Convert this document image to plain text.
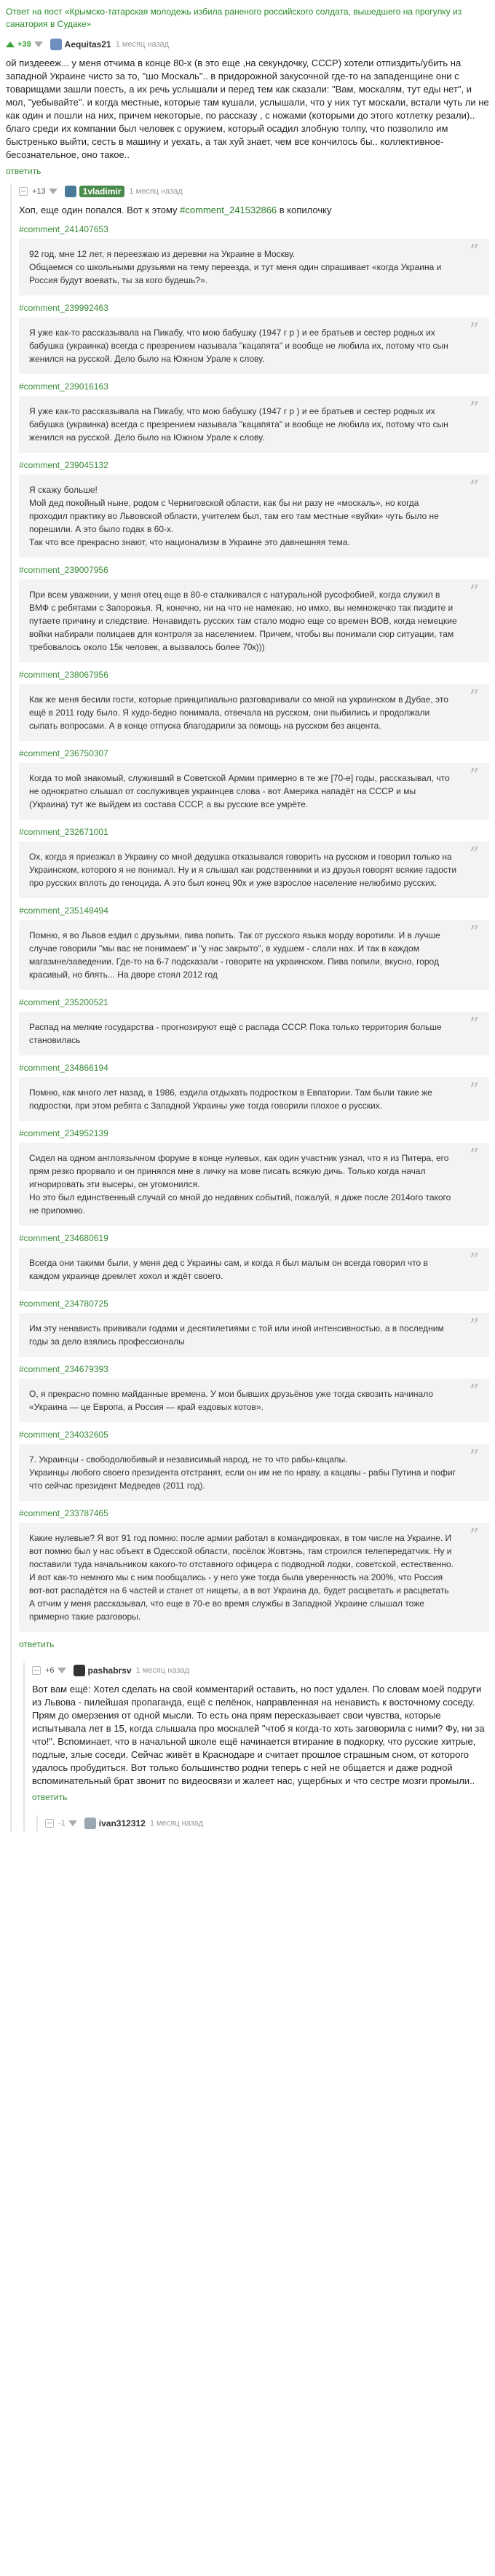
Ответ на пост «Крымско-татарская молодежь избила раненого российского солдата, вышедшего на прогулку из санатория в Судаке»
+39	Aequitas21 1 месяц назад
ой пиздеееж... у меня отчима в конце 80-х (в это еще ,на секундочку, СССР) хотели отпиздить/убить на западной Украине чисто за то, "шо Москаль".. в придорожной закусочной где-то на западенщине они с товарищами зашли поесть, а их речь услышали и перед тем как сказали: "Вам, москалям, тут еды нет", и мол, "уебывайте". и когда местные, которые там кушали, услышали, что у них тут москали, встали чуть ли не как один и пошли на них, причем некоторые, по рассказу , с ножами (которыми до этого котлетку резали).. благо среди их компании был человек с оружием, который осадил злобную толпу, что позволило им быстренько выйти, сесть в машину и уехать, а так хуй знает, чем все кончилось бы.. коллективное-бесознательное, оно такое..
ответить
+13	1vladimir	1 месяц назад
Хоп, еще один попался. Вот к этому #comment_241532866 в копилочку
#comment_241407653
”
92 год, мне 12 лет, я переезжаю из деревни на Украине в Москву.
Общаемся со школьными друзьями на тему переезда, и тут меня один спрашивает «когда Украина и Россия будут воевать, ты за кого будешь?».
#comment_239992463
”
Я уже как-то рассказывала на Пикабу, что мою бабушку (1947 г р ) и ее братьев и сестер родных их бабушка (украинка) всегда с презрением называла "кацапята" и вообще не любила их, потому что сын женился на русской. Дело было на Южном Урале к слову.
#comment_239016163
”
Я уже как-то рассказывала на Пикабу, что мою бабушку (1947 г р ) и ее братьев и сестер родных их бабушка (украинка) всегда с презрением называла "кацапята" и вообще не любила их, потому что сын женился на русской. Дело было на Южном Урале к слову.
#comment_239045132
”
Я скажу больше!
Мой дед покойный ныне, родом с Черниговской области, как бы ни разу не «москаль», но когда проходил практику во Львовской области, учителем был, там его там местные «вуйки» чуть было не порешили. А это было годах в 60-х.
Так что все прекрасно знают, что национализм в Украине это давнешняя тема.
#comment_239007956
”
При всем уважении, у меня отец еще в 80-е сталкивался с натуральной русофобией, когда служил в ВМФ с ребятами с Запорожья. Я, конечно, ни на что не намекаю, но имхо, вы немножечко так пиздите и путаете причину и следствие. Ненавидеть русских там стало модно еще со времен ВОВ, когда немецкие войки набирали полицаев для контроля за населением. Причем, чтобы вы понимали сюр ситуации, там требовалось около 15к человек, а вызвалось более 70к)))
#comment_238067956
”
Как же меня бесили гости, которые принципиально разговаривали со мной на украинском в Дубае, это ещё в 2011 году было. Я худо-бедно понимала, отвечала на русском, они пыбились и продолжали сыпать вопросами. А в конце отпуска благодарили за помощь на русском без акцента.
#comment_236750307
”
Когда то мой знакомый, служивший в Советской Армии примерно в те же [70-е] годы, рассказывал, что не однократно слышал от сослуживцев украинцев слова - вот Америка нападёт на СССР и мы (Украина) тут же выйдем из состава СССР, а вы русские все умрёте.
#comment_232671001
”
Ох, когда я приезжал в Украину со мной дедушка отказывался говорить на русском и говорил только на Украинском, которого я не понимал. Ну и я слышал как родственники и из друзья говорят всякие гадости про русских вплоть до геноцида. А это был конец 90х и уже взрослое население нелюбимо русских.
#comment_235148494
”
Помню, я во Львов ездил с друзьями, пива попить. Так от русского языка морду воротили. И в лучше случае говорили "мы вас не понимаем" и "у нас закрыто", в худшем - слали нах. И так в каждом магазине/заведении. Где-то на 6-7 подсказали - говорите на украинском. Пива попили, вкусно, город красивый, но блять... На дворе стоял 2012 год
#comment_235200521
”
Распад на мелкие государства - прогнозируют ещё с распада СССР. Пока только территория больше становилась
#comment_234866194
”
Помню, как много лет назад, в 1986, ездила отдыхать подростком в Евпатории. Там были такие же подростки, при этом ребята с Западной Украины уже тогда говорили плохое о русских.
#comment_234952139
”
Сидел на одном англоязычном форуме в конце нулевых, как один участник узнал, что я из Питера, его прям резко прорвало и он принялся мне в личку на мове писать всякую дичь. Только когда начал игнорировать эти высеры, он угомонился.
Но это был единственный случай со мной до недавних событий, пожалуй, я даже после 2014ого такого не припомню.
#comment_234680619
”
Всегда они такими были, у меня дед с Украины сам, и когда я был малым он всегда говорил что в каждом украинце дремлет хохол и ждёт своего.
#comment_234780725
”
Им эту ненависть прививали годами и десятилетиями с той или иной интенсивностью, а в последним годы за дело взялись профессионалы
#comment_234679393
”
О, я прекрасно помню майданные времена. У мои бывших друзьёнов уже тогда сквозить начинало «Украина — це Европа, а Россия — край ездовых котов».
#comment_234032605
”
7. Украинцы - свободолюбивый и независимый народ, не то что рабы-кацапы.
Украинцы любого своего президента отстранят, если он им не по нраву, а кацапы - рабы Путина и пофиг что сейчас президент Медведев (2011 год).
#comment_233787465
”
Какие нулевые? Я вот 91 год помню: после армии работал в командировках, в том числе на Украине. И вот помню был у нас объект в Одесской области, посёлок Жовтэнь, там строился телепередатчик. Ну и поставили туда начальником какого-то отставного офицера с подводной лодки, советской, естественно.
И вот как-то немного мы с ним пообщались - у него уже тогда была уверенность на 200%, что Россия вот-вот распадётся на 6 частей и станет от нищеты, а в вот Украина да, будет расцветать и расцветать
А отчим у меня рассказывал, что еще в 70-е во время службы в Западной Украине слышал тоже примерно такие разговоры.
ответить
+6	pashabrsv 1 месяц назад
Вот вам ещё: Хотел сделать на свой комментарий оставить, но пост удален. По словам моей подруги из Львова - пилейшая пропаганда, ещё с пелёнок, направленная на ненависть к восточному соседу. Прям до омерзения от одной мысли. То есть она прям пересказывает свои чувства, которые испытывала лет в 15, когда слышала про москалей "чтоб я когда-то хоть заговорила с ними? Фу, ни за что!". Вспоминает, что в начальной школе ещё начинается втирание в подкорку, что русские хитрые, подлые, злые соседи. Сейчас живёт в Краснодаре и считает прошлое страшным сном, от которого удалось пробудиться. Вот только большинство родни теперь с ней не общается и даже родной вспоминательный брат звонит по видеосвязи и жалеет нас, ущербных и что сестре мозги промыли..
ответить
-1	ivan312312 1 месяц назад
